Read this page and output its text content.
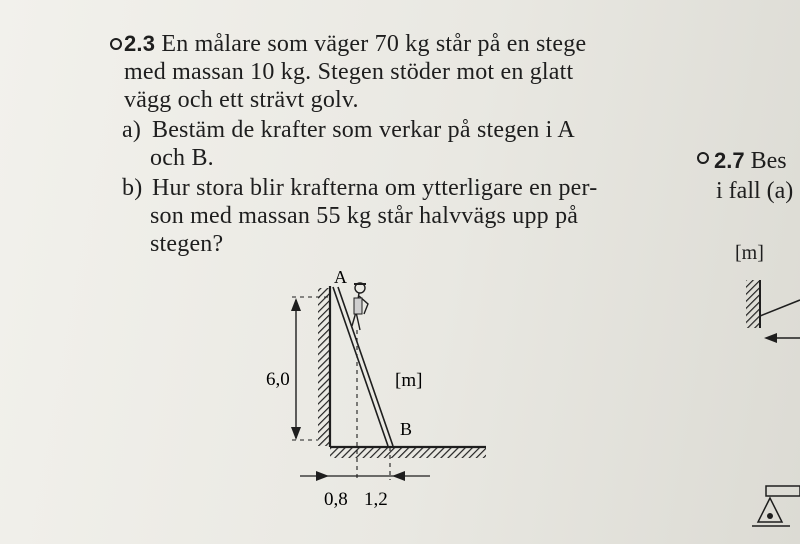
2.3 En målare som väger 70 kg står på en stege
med massan 10 kg. Stegen stöder mot en glatt
vägg och ett strävt golv.
a) Bestäm de krafter som verkar på stegen i A
och B.
b) Hur stora blir krafterna om ytterligare en per-
son med massan 55 kg står halvvägs upp på
stegen?
A
B
6,0	[m]
0,8 1,2
2.7 Bes
i fall (a)
[m]
